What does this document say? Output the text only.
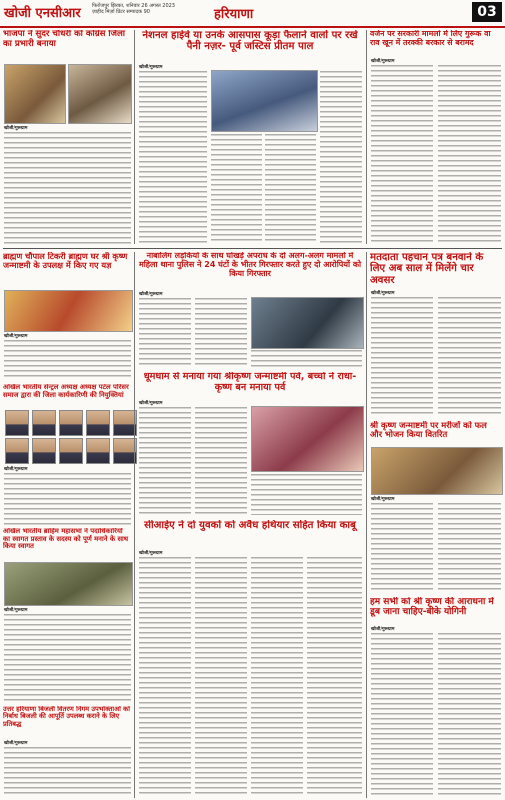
खोजी एनसीआर फिरोजपुर झिरका, शनिवार 26 अगस्त 2023
ज़ाहीद मिर्ज़ा प्रिंटर सम्पादक 90	हरियाणा	03
भाजपा ने सुंदर चौधरी को कोंग्रेस जिला का प्रभारी बनाया
खोजी/गुरूग्राम
नेशनल हाईवे या उनके आसपास कूड़ा फैलाने वालों पर रखे पैनी नज़र- पूर्व जस्टिस प्रीतम पाल
खोजी/गुरूग्राम
वर्जन पर सरकारी मामलों में लिए गुरूक वा राव खून में तरक्की बरकार से बरामद
खोजी/गुरूग्राम
ब्राह्मण चौपाल टिकरी ब्राह्मण घर श्री कृष्ण जन्माष्टमी के उपलक्ष में किए गए यज्ञ
खोजी/गुरूग्राम
अखिल भारतीय सेन्ट्रल अध्यक्ष अध्यक्ष पटेल परिसर समाज द्वारा की जिला कार्यकारिणी की नियुक्तियां
खोजी/गुरूग्राम
अखिल भारतीय ब्राहिम महासभा ने पदाधिकारियों का स्वागत प्रस्ताव के सदस्य को पूर्ण मनाने के साथ किया स्वागत
खोजी/गुरूग्राम
उत्तर हरियाणा बिजली वितरण निगम उपभोक्ताओं को निर्बाध बिजली की आपूर्ति उपलब्ध कराने के लिए प्रतिबद्ध
खोजी/गुरूग्राम
नाबालिग लड़कियों के साथ घोखड़े अपराध के दो अलग-अलग मामलों में महिला थाना पुलिस ने 24 घंटों के भीतर गिरफ्तार करते हुए दो आरोपियों को किया गिरफ्तार
खोजी/गुरूग्राम
धूमधाम से मनाया गया श्रीकृष्ण जन्माष्टमी पर्व, बच्चों ने राधा-कृष्ण बन मनाया पर्व
खोजी/गुरूग्राम
सीआईए ने दो युवकों को अवैध हथियार सहित किया काबू
खोजी/गुरूग्राम
मतदाता पहचान पत्र बनवाने के लिए अब साल में मिलेंगे चार अवसर
खोजी/गुरूग्राम
श्री कृष्ण जन्माष्टमी पर मरीजों को फल और भोजन किया वितरित
खोजी/गुरूग्राम
हम सभी को श्री कृष्ण की आराधना में डूब जाना चाहिए-बीके योगिनी
खोजी/गुरूग्राम
